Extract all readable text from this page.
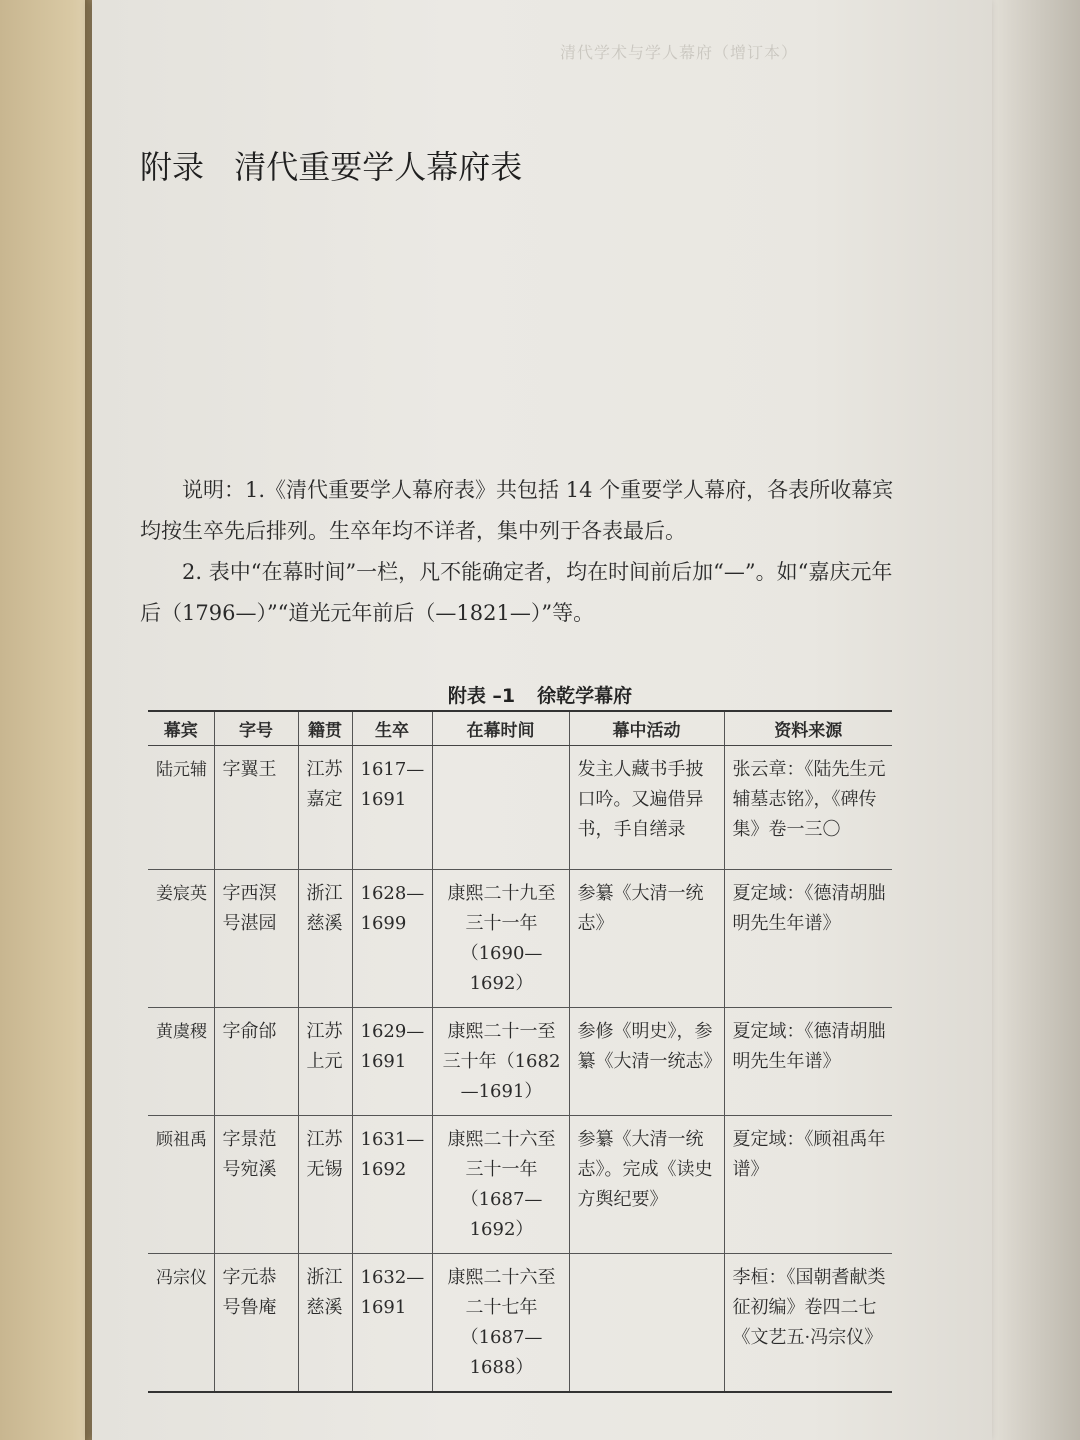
清代学术与学人幕府（增订本）
附录 清代重要学人幕府表

说明：1.《清代重要学人幕府表》共包括 14 个重要学人幕府，各表所收幕宾均按生卒先后排列。生卒年均不详者，集中列于各表最后。

2. 表中“在幕时间”一栏，凡不能确定者，均在时间前后加“—”。如“嘉庆元年后（1796—）”“道光元年前后（—1821—）”等。

附表 –1 徐乾学幕府
幕宾	字号	籍贯	生卒	在幕时间	幕中活动	资料来源
陆元辅	字翼王	江苏嘉定	1617—1691		发主人藏书手披口吟。又遍借异书，手自缮录	张云章：《陆先生元辅墓志铭》，《碑传集》卷一三〇
姜宸英	字西溟号湛园	浙江慈溪	1628—1699	康熙二十九至三十一年（1690—1692）	参纂《大清一统志》	夏定域：《德清胡朏明先生年谱》
黄虞稷	字俞邰	江苏上元	1629—1691	康熙二十一至三十年（1682—1691）	参修《明史》，参纂《大清一统志》	夏定域：《德清胡朏明先生年谱》
顾祖禹	字景范号宛溪	江苏无锡	1631—1692	康熙二十六至三十一年（1687—1692）	参纂《大清一统志》。完成《读史方舆纪要》	夏定域：《顾祖禹年谱》
冯宗仪	字元恭号鲁庵	浙江慈溪	1632—1691	康熙二十六至二十七年（1687—1688）		李桓：《国朝耆献类征初编》卷四二七《文艺五·冯宗仪》
